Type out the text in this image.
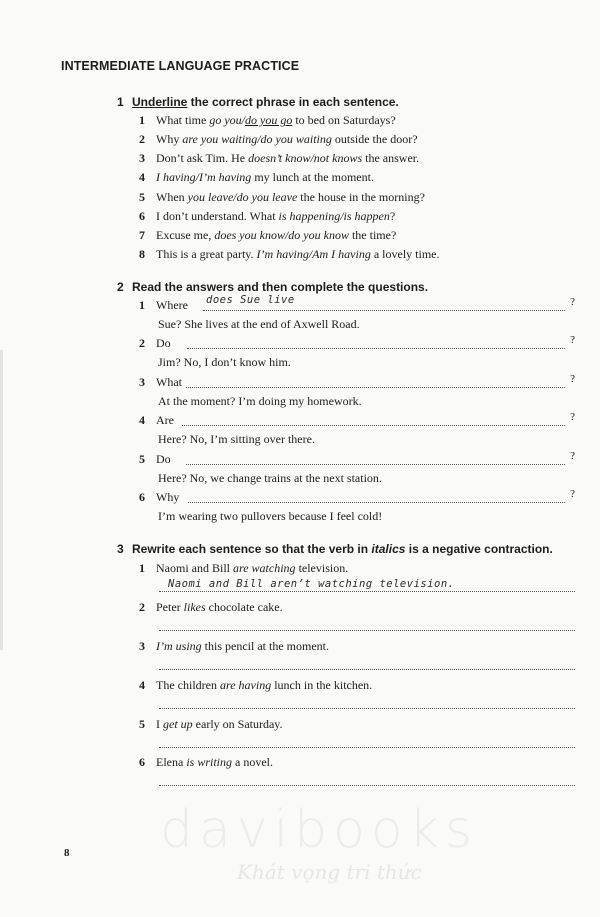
INTERMEDIATE LANGUAGE PRACTICE
1 Underline the correct phrase in each sentence.
1 What time go you/do you go to bed on Saturdays?
2 Why are you waiting/do you waiting outside the door?
3 Don’t ask Tim. He doesn’t know/not knows the answer.
4 I having/I’m having my lunch at the moment.
5 When you leave/do you leave the house in the morning?
6 I don’t understand. What is happening/is happen?
7 Excuse me, does you know/do you know the time?
8 This is a great party. I’m having/Am I having a lovely time.
2 Read the answers and then complete the questions.
1 Where	?
does Sue live
Sue? She lives at the end of Axwell Road.
2 Do	?
Jim? No, I don’t know him.
3 What	?
At the moment? I’m doing my homework.
4 Are	?
Here? No, I’m sitting over there.
5 Do	?
Here? No, we change trains at the next station.
6 Why	?
I’m wearing two pullovers because I feel cold!
3 Rewrite each sentence so that the verb in italics is a negative contraction.
1 Naomi and Bill are watching television.
Naomi and Bill aren’t watching television.
2 Peter likes chocolate cake.
3 I’m using this pencil at the moment.
4 The children are having lunch in the kitchen.
5 I get up early on Saturday.
6 Elena is writing a novel.
8 davibooks
Khát vọng tri thức
